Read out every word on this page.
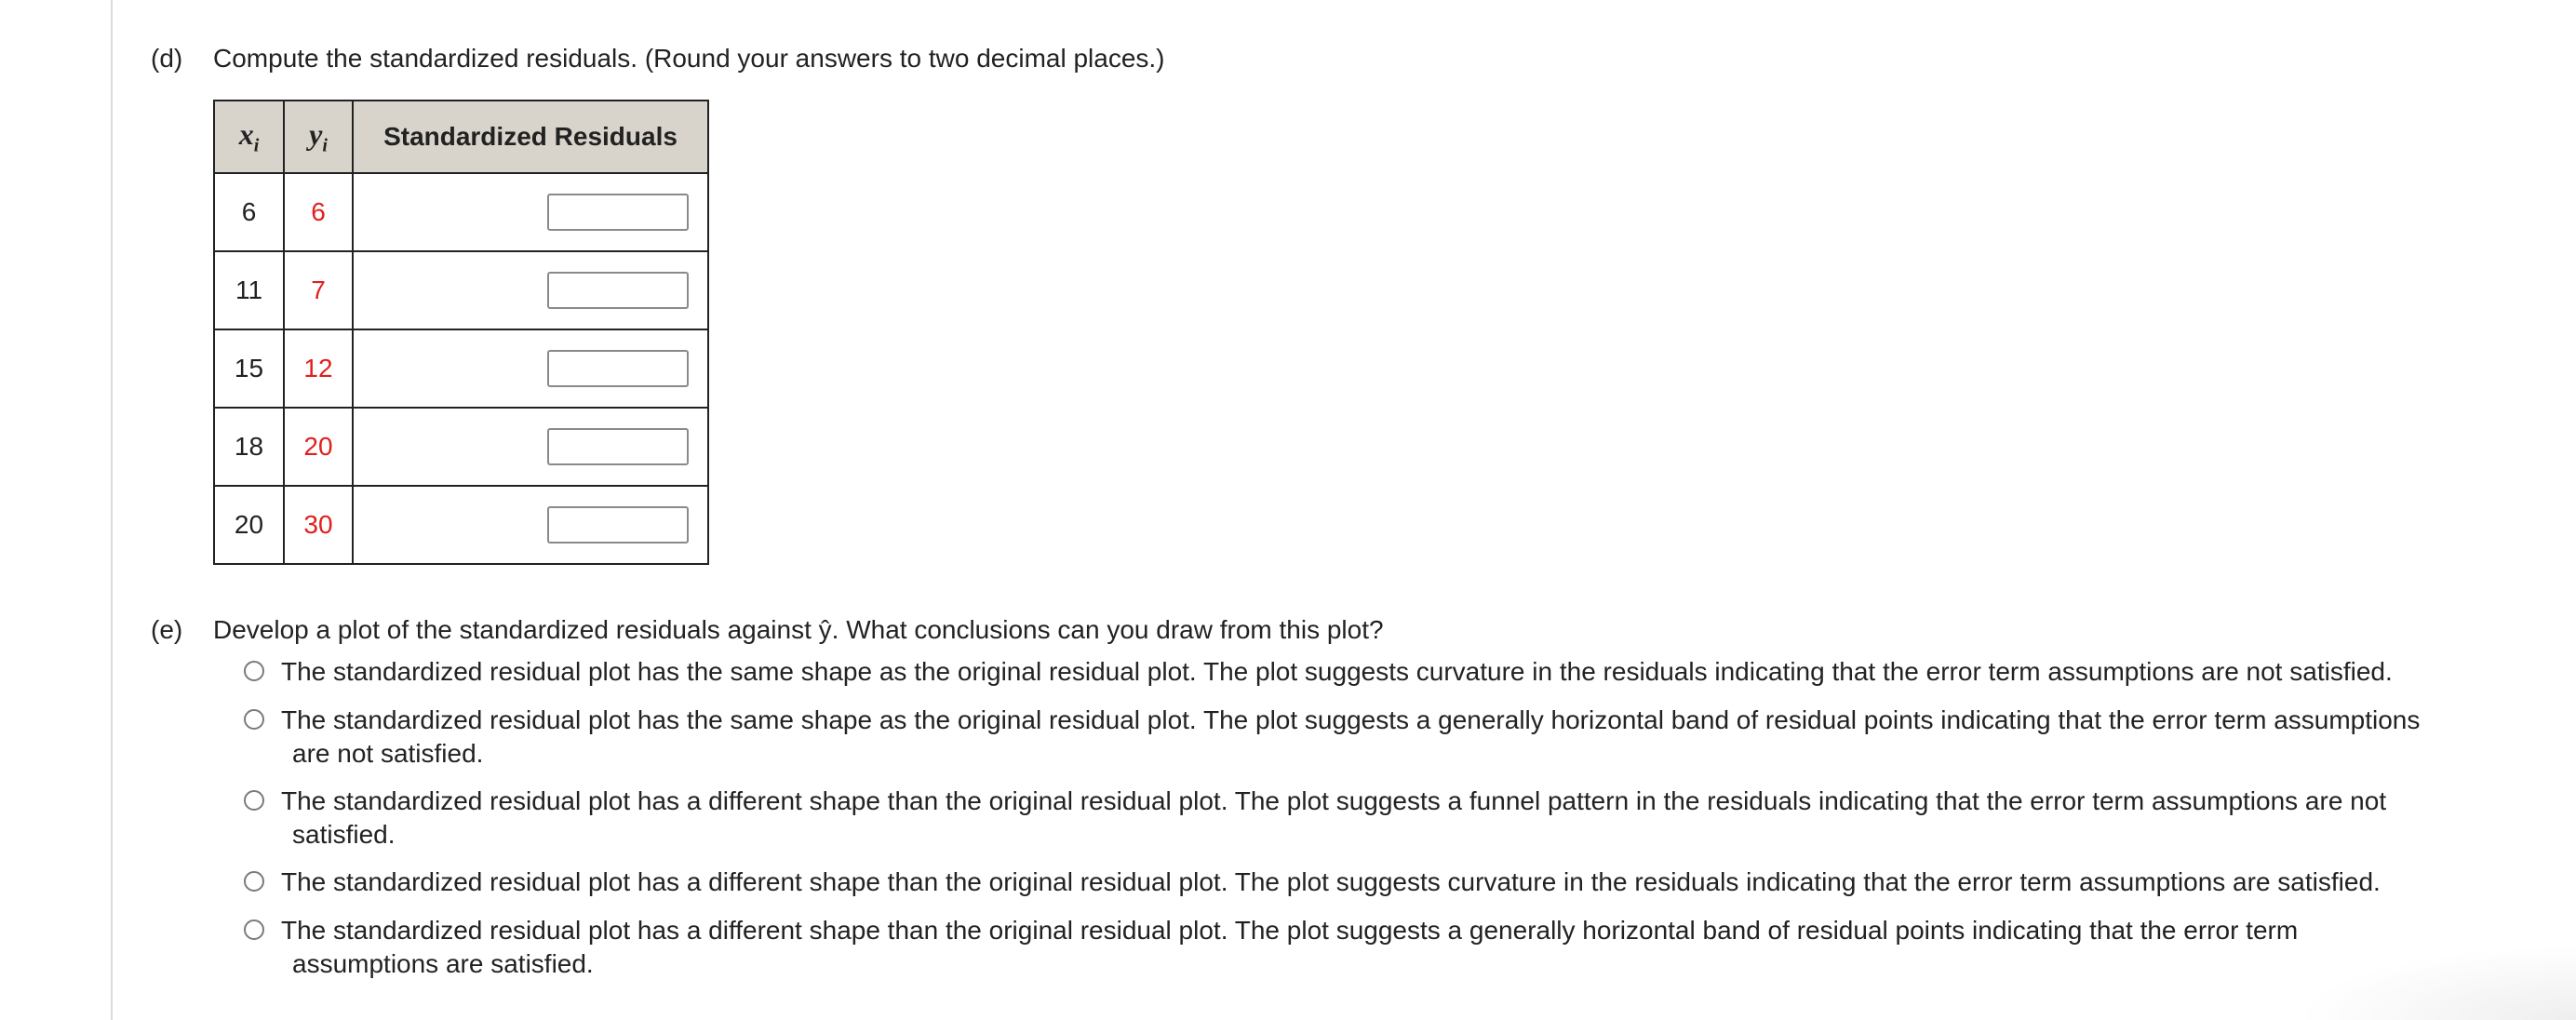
(d) Compute the standardized residuals. (Round your answers to two decimal places.)
$x_i$	$y_i$	Standardized Residuals
6	6	
11	7	
15	12	
18	20	
20	30	
(e) Develop a plot of the standardized residuals against ŷ. What conclusions can you draw from this plot?
The standardized residual plot has the same shape as the original residual plot. The plot suggests curvature in the residuals indicating that the error term assumptions are not satisfied.
The standardized residual plot has the same shape as the original residual plot. The plot suggests a generally horizontal band of residual points indicating that the error term assumptions
are not satisfied.
The standardized residual plot has a different shape than the original residual plot. The plot suggests a funnel pattern in the residuals indicating that the error term assumptions are not
satisfied.
The standardized residual plot has a different shape than the original residual plot. The plot suggests curvature in the residuals indicating that the error term assumptions are satisfied.
The standardized residual plot has a different shape than the original residual plot. The plot suggests a generally horizontal band of residual points indicating that the error term
assumptions are satisfied.
